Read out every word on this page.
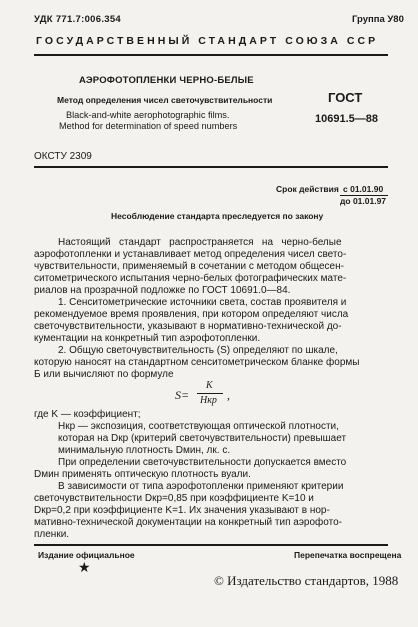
УДК 771.7:006.354	Группа У80
ГОСУДАРСТВЕННЫЙ СТАНДАРТ СОЮЗА ССР
АЭРОФОТОПЛЕНКИ ЧЕРНО-БЕЛЫЕ
Метод определения чисел светочувствительности
Black-and-white aerophotographic films.
Method for determination of speed numbers
ГОСТ
10691.5—88
ОКСТУ 2309
Срок действия с 01.01.90
до 01.01.97
Несоблюдение стандарта преследуется по закону
Настоящий   стандарт   распространяется   на   черно-белые
аэрофотопленки и устанавливает метод определения чисел свето-
чувствительности, применяемый в сочетании с методом общесен-
ситометрического испытания черно-белых фотографических мате-
риалов на прозрачной подложке по ГОСТ 10691.0—84.
1. Сенситометрические источники света, состав проявителя и
рекомендуемое время проявления, при котором определяют числа
светочувствительности, указывают в нормативно-технической до-
кументации на конкретный тип аэрофотопленки.
2. Общую светочувствительность (S) определяют по шкале,
которую наносят на стандартном сенситометрическом бланке формы
Б или вычисляют по формуле
S=
K
Hкр ,
где K — коэффициент;
Hкр — экспозиция, соответствующая оптической плотности,
которая на Dкр (критерий светочувствительности) превышает
минимальную плотность Dмин, лк. с.
При определении светочувствительности допускается вместо
Dмин применять оптическую плотность вуали.
В зависимости от типа аэрофотопленки применяют критерии
светочувствительности Dкр=0,85 при коэффициенте K=10 и
Dкр=0,2 при коэффициенте K=1. Их значения указывают в нор-
мативно-технической документации на конкретный тип аэрофото-
пленки.
Издание официальное	Перепечатка воспрещена
★
© Издательство стандартов, 1988
